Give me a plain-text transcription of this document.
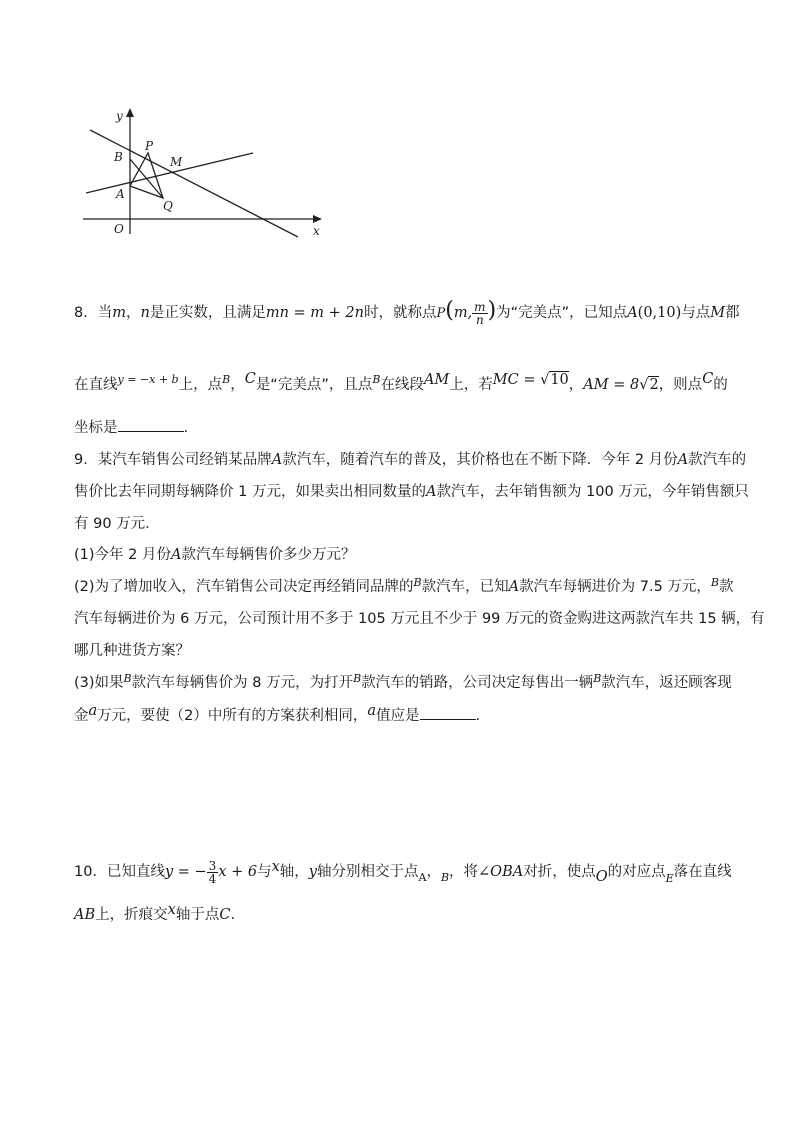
y
x
B
P
M
A
Q
O
8．当m，n是正实数，且满足mn = m + 2n时，就称点P(m, $\frac{m}{n}$ )为“完美点”，已知点A(0,10)与点M都
在直线$^{y = -x + b}$上，点$^B$，C是“完美点”，且点$^B$在线段AM上，若MC = √10，AM = 8√2，则点C的
坐标是	.
9．某汽车销售公司经销某品牌A款汽车，随着汽车的普及，其价格也在不断下降．今年 2 月份A款汽车的
售价比去年同期每辆降价 1 万元，如果卖出相同数量的A款汽车，去年销售额为 100 万元，今年销售额只
有 90 万元．
(1)今年 2 月份A款汽车每辆售价多少万元？
(2)为了增加收入，汽车销售公司决定再经销同品牌的$^B$款汽车，已知A款汽车每辆进价为 7.5 万元，$^B$款
汽车每辆进价为 6 万元，公司预计用不多于 105 万元且不少于 99 万元的资金购进这两款汽车共 15 辆，有
哪几种进货方案？
(3)如果$^B$款汽车每辆售价为 8 万元，为打开$^B$款汽车的销路，公司决定每售出一辆$^B$款汽车，返还顾客现
金a万元，要使（2）中所有的方案获利相同，a值应是	.
10．已知直线y = − $\frac{3}{4}$ x + 6与x轴，y轴分别相交于点$_A$，$_B$，将∠OBA对折，使点O的对应点$_E$落在直线
AB上，折痕交x轴于点C.
